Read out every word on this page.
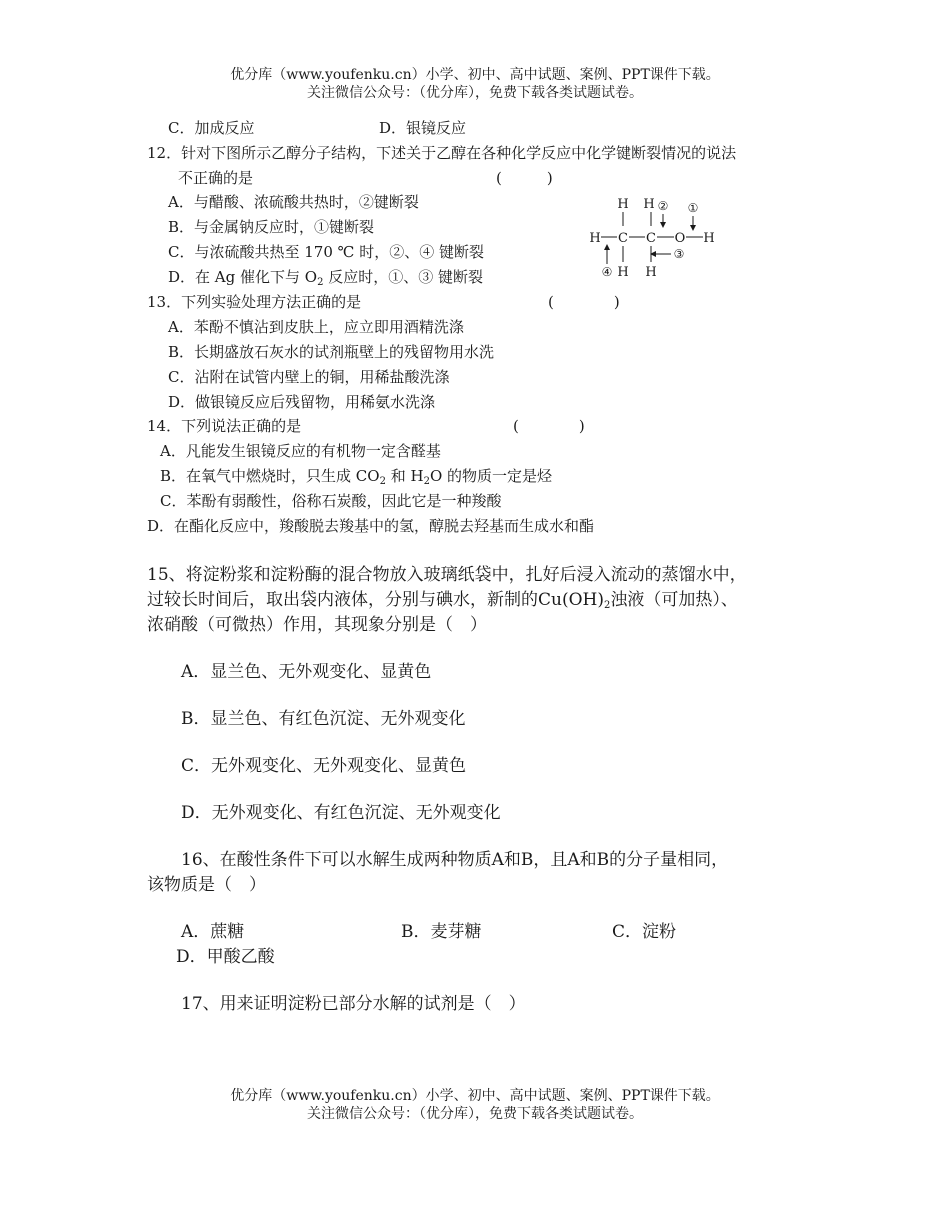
优分库（www.youfenku.cn）小学、初中、高中试题、案例、PPT课件下载。
关注微信公众号：（优分库），免费下载各类试题试卷。
C．加成反应	D．银镜反应
12．针对下图所示乙醇分子结构，下述关于乙醇在各种化学反应中化学键断裂情况的说法
不正确的是	(　　　)
A．与醋酸、浓硫酸共热时，②键断裂
B．与金属钠反应时，①键断裂
C．与浓硫酸共热至 170 ℃ 时，②、④ 键断裂
D．在 Ag 催化下与 $O_2$ 反应时，①、③ 键断裂
H C C O H
H H
H H
② ①
③
④
13．下列实验处理方法正确的是	(　　　　)
A．苯酚不慎沾到皮肤上，应立即用酒精洗涤
B．长期盛放石灰水的试剂瓶壁上的残留物用水洗
C．沾附在试管内壁上的铜，用稀盐酸洗涤
D．做银镜反应后残留物，用稀氨水洗涤
14．下列说法正确的是	(　　　　)
A．凡能发生银镜反应的有机物一定含醛基
B．在氧气中燃烧时，只生成 $CO_2$ 和 $H_2O$ 的物质一定是烃
C．苯酚有弱酸性，俗称石炭酸，因此它是一种羧酸
D．在酯化反应中，羧酸脱去羧基中的氢，醇脱去羟基而生成水和酯
15、将淀粉浆和淀粉酶的混合物放入玻璃纸袋中，扎好后浸入流动的蒸馏水中，
过较长时间后，取出袋内液体，分别与碘水，新制的$Cu(OH)_2$浊液（可加热）、
浓硝酸（可微热）作用，其现象分别是（　）
A．显兰色、无外观变化、显黄色
B．显兰色、有红色沉淀、无外观变化
C．无外观变化、无外观变化、显黄色
D．无外观变化、有红色沉淀、无外观变化
16、在酸性条件下可以水解生成两种物质A和B，且A和B的分子量相同，
该物质是（　）
A．蔗糖	B．麦芽糖	C．淀粉
D．甲酸乙酸
17、用来证明淀粉已部分水解的试剂是（　）
优分库（www.youfenku.cn）小学、初中、高中试题、案例、PPT课件下载。
关注微信公众号：（优分库），免费下载各类试题试卷。
